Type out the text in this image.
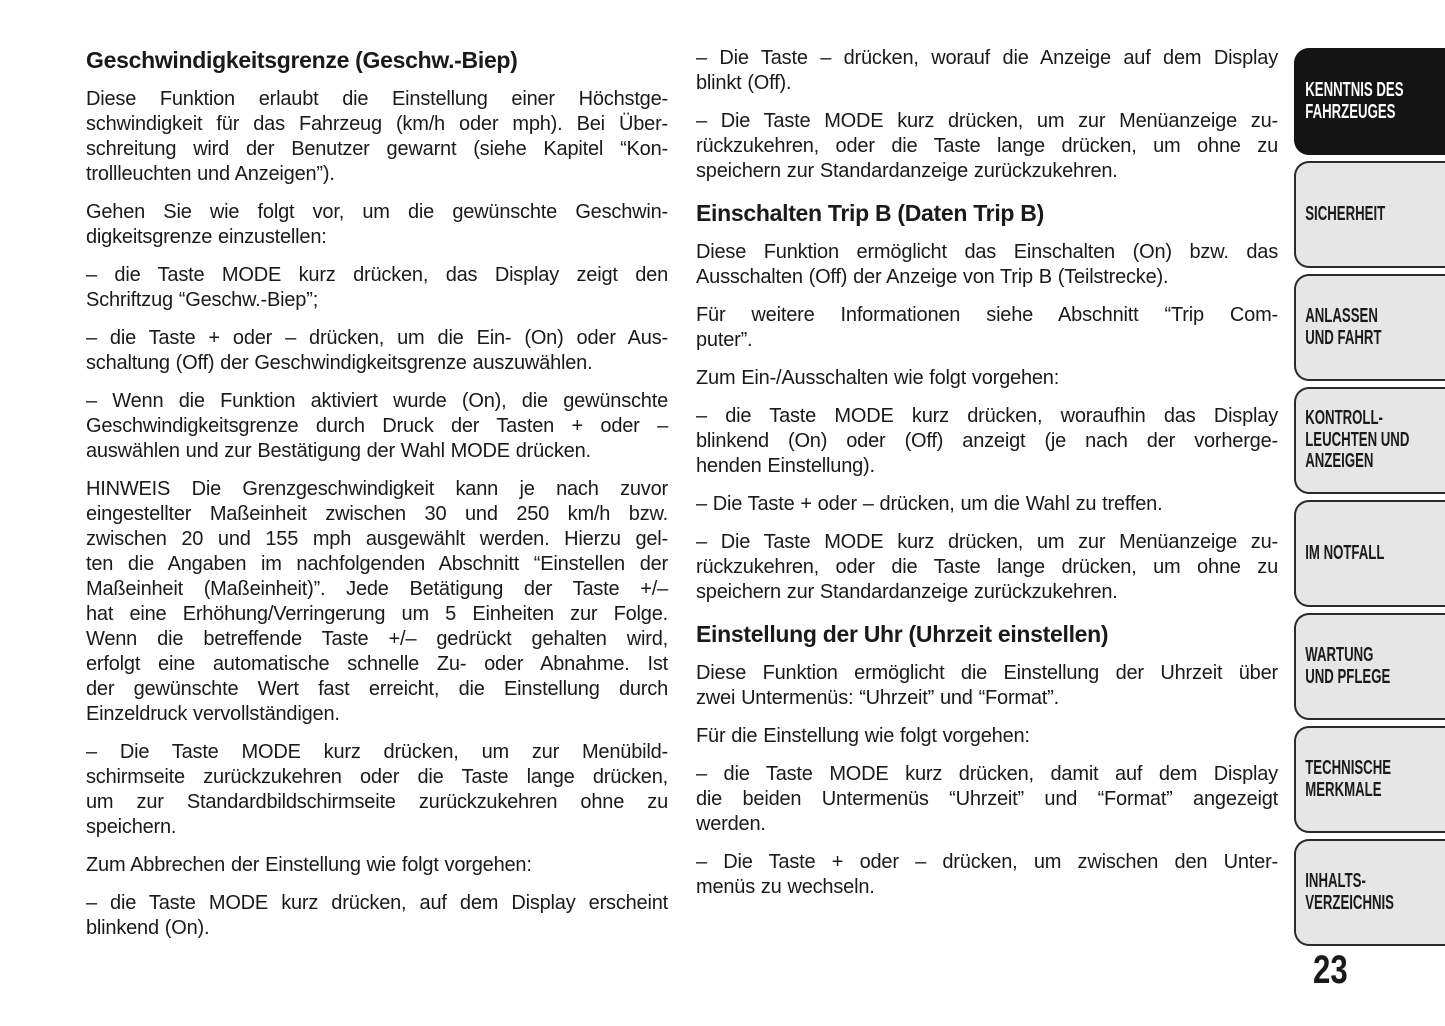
Geschwindigkeitsgrenze (Geschw.-Biep)
Diese Funktion erlaubt die Einstellung einer Höchstge-
schwindigkeit für das Fahrzeug (km/h oder mph). Bei Über-
schreitung wird der Benutzer gewarnt (siehe Kapitel “Kon-
trollleuchten und Anzeigen”).
Gehen Sie wie folgt vor, um die gewünschte Geschwin-
digkeitsgrenze einzustellen:
– die Taste MODE kurz drücken, das Display zeigt den
Schriftzug “Geschw.-Biep”;
– die Taste + oder – drücken, um die Ein- (On) oder Aus-
schaltung (Off) der Geschwindigkeitsgrenze auszuwählen.
– Wenn die Funktion aktiviert wurde (On), die gewünschte
Geschwindigkeitsgrenze durch Druck der Tasten + oder –
auswählen und zur Bestätigung der Wahl MODE drücken.
HINWEIS Die Grenzgeschwindigkeit kann je nach zuvor
eingestellter Maßeinheit zwischen 30 und 250 km/h bzw.
zwischen 20 und 155 mph ausgewählt werden. Hierzu gel-
ten die Angaben im nachfolgenden Abschnitt “Einstellen der
Maßeinheit (Maßeinheit)”. Jede Betätigung der Taste +/–
hat eine Erhöhung/Verringerung um 5 Einheiten zur Folge.
Wenn die betreffende Taste +/– gedrückt gehalten wird,
erfolgt eine automatische schnelle Zu- oder Abnahme. Ist
der gewünschte Wert fast erreicht, die Einstellung durch
Einzeldruck vervollständigen.
– Die Taste MODE kurz drücken, um zur Menübild-
schirmseite zurückzukehren oder die Taste lange drücken,
um zur Standardbildschirmseite zurückzukehren ohne zu
speichern.
Zum Abbrechen der Einstellung wie folgt vorgehen:
– die Taste MODE kurz drücken, auf dem Display erscheint
blinkend (On).
– Die Taste – drücken, worauf die Anzeige auf dem Display
blinkt (Off).
– Die Taste MODE kurz drücken, um zur Menüanzeige zu-
rückzukehren, oder die Taste lange drücken, um ohne zu
speichern zur Standardanzeige zurückzukehren.
Einschalten Trip B (Daten Trip B)
Diese Funktion ermöglicht das Einschalten (On) bzw. das
Ausschalten (Off) der Anzeige von Trip B (Teilstrecke).
Für weitere Informationen siehe Abschnitt “Trip Com-
puter”.
Zum Ein-/Ausschalten wie folgt vorgehen:
– die Taste MODE kurz drücken, woraufhin das Display
blinkend (On) oder (Off) anzeigt (je nach der vorherge-
henden Einstellung).
– Die Taste + oder – drücken, um die Wahl zu treffen.
– Die Taste MODE kurz drücken, um zur Menüanzeige zu-
rückzukehren, oder die Taste lange drücken, um ohne zu
speichern zur Standardanzeige zurückzukehren.
Einstellung der Uhr (Uhrzeit einstellen)
Diese Funktion ermöglicht die Einstellung der Uhrzeit über
zwei Untermenüs: “Uhrzeit” und “Format”.
Für die Einstellung wie folgt vorgehen:
– die Taste MODE kurz drücken, damit auf dem Display
die beiden Untermenüs “Uhrzeit” und “Format” angezeigt
werden.
– Die Taste + oder – drücken, um zwischen den Unter-
menüs zu wechseln.
KENNTNIS DES
FAHRZEUGES
SICHERHEIT
ANLASSEN
UND FAHRT
KONTROLL-
LEUCHTEN UND
ANZEIGEN
IM NOTFALL
WARTUNG
UND PFLEGE
TECHNISCHE
MERKMALE
INHALTS-
VERZEICHNIS
23
